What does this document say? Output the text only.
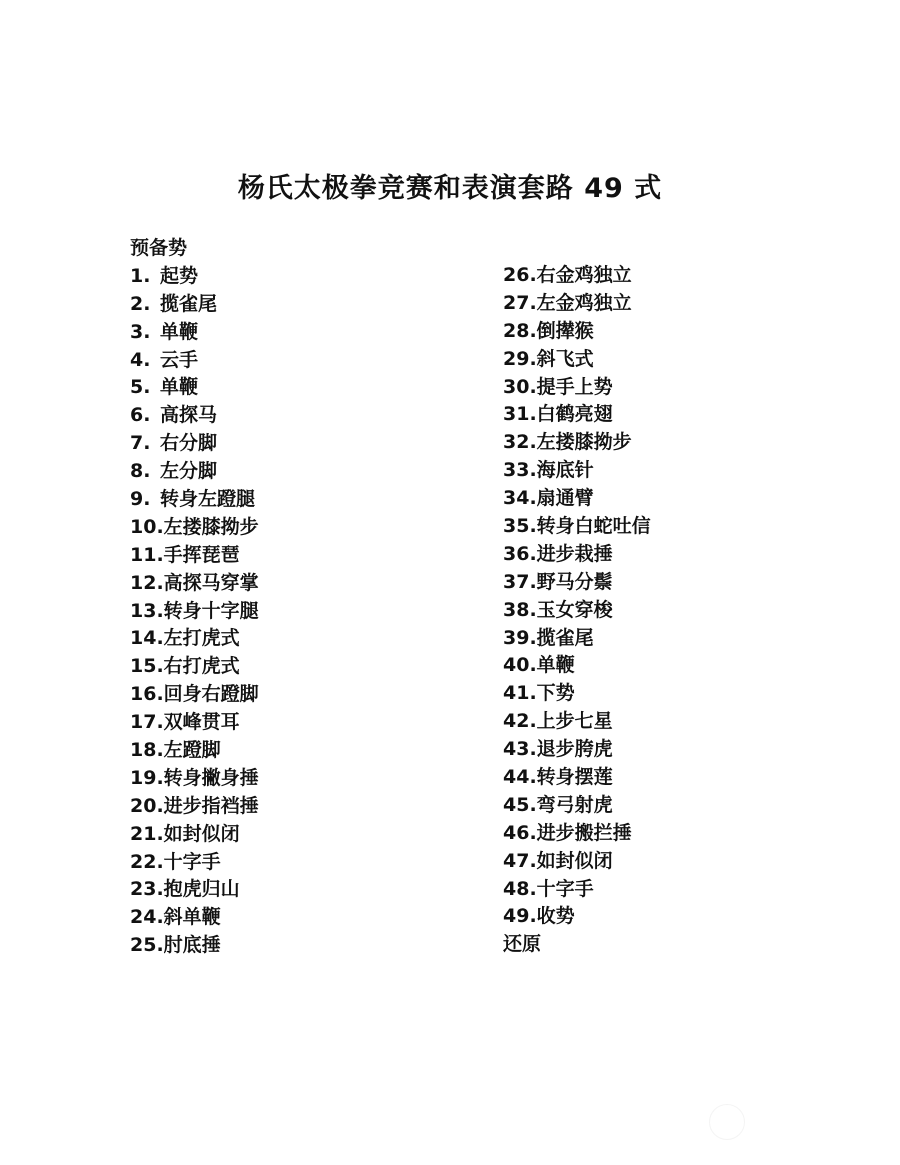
杨氏太极拳竞赛和表演套路 49 式
预备势
1. 起势
2. 揽雀尾
3. 单鞭
4. 云手
5. 单鞭
6. 高探马
7. 右分脚
8. 左分脚
9. 转身左蹬腿
10.左搂膝拗步
11.手挥琵琶
12.高探马穿掌
13.转身十字腿
14.左打虎式
15.右打虎式
16.回身右蹬脚
17.双峰贯耳
18.左蹬脚
19.转身撇身捶
20.进步指裆捶
21.如封似闭
22.十字手
23.抱虎归山
24.斜单鞭
25.肘底捶
26.右金鸡独立
27.左金鸡独立
28.倒撵猴
29.斜飞式
30.提手上势
31.白鹤亮翅
32.左搂膝拗步
33.海底针
34.扇通臂
35.转身白蛇吐信
36.进步栽捶
37.野马分鬃
38.玉女穿梭
39.揽雀尾
40.单鞭
41.下势
42.上步七星
43.退步胯虎
44.转身摆莲
45.弯弓射虎
46.进步搬拦捶
47.如封似闭
48.十字手
49.收势
还原
